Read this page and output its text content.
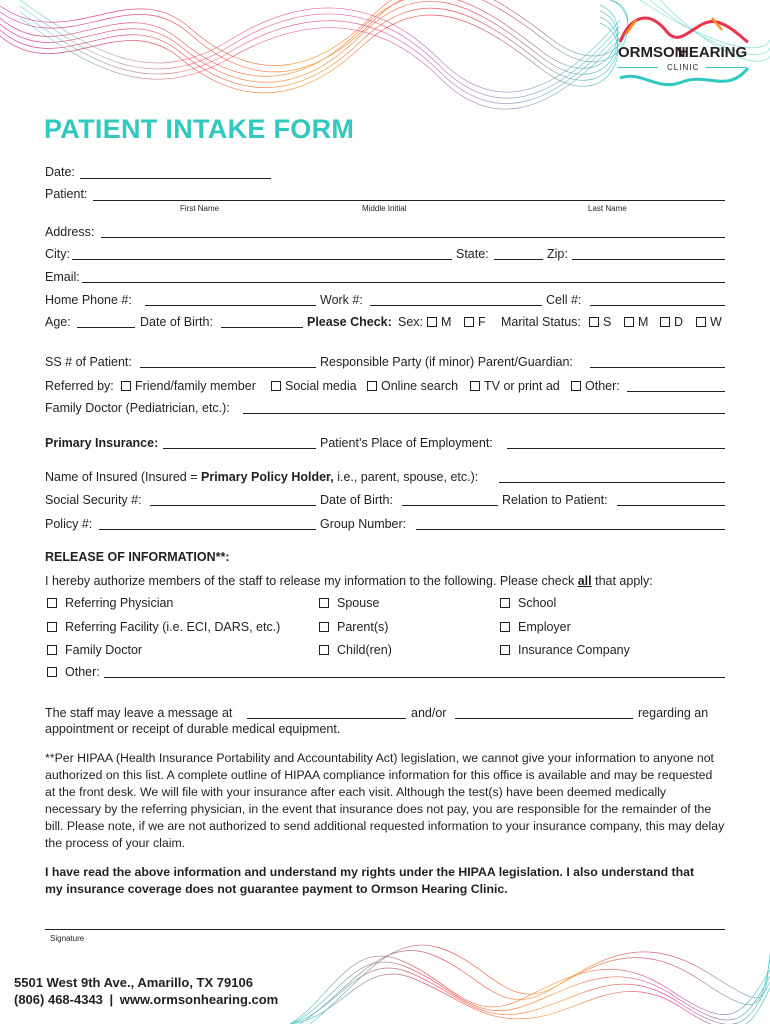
ORMSON
HEARING
CLINIC
PATIENT INTAKE FORM
Date:
Patient:
First Name	Middle Initial	Last Name
Address:
City:	State:	Zip:
Email:
Home Phone #:	Work #:	Cell #:
Age:	Date of Birth:	Please Check: Sex:	M	F Marital Status:	S	M	D	W
SS # of Patient:	Responsible Party (if minor) Parent/Guardian:
Referred by:	Friend/family member	Social media	Online search	TV or print ad	Other:
Family Doctor (Pediatrician, etc.):
Primary Insurance:	Patient’s Place of Employment:
Name of Insured (Insured = Primary Policy Holder, i.e., parent, spouse, etc.):
Social Security #:	Date of Birth:	Relation to Patient:
Policy #:	Group Number:
RELEASE OF INFORMATION**:
I hereby authorize members of the staff to release my information to the following. Please check all that apply:
Referring Physician	Spouse	School
Referring Facility (i.e. ECI, DARS, etc.)	Parent(s)	Employer
Family Doctor	Child(ren)	Insurance Company
Other:
The staff may leave a message at	and/or	regarding an
appointment or receipt of durable medical equipment.
**Per HIPAA (Health Insurance Portability and Accountability Act) legislation, we cannot give your information to anyone not authorized on this list. A complete outline of HIPAA compliance information for this office is available and may be requested at the front desk. We will file with your insurance after each visit. Although the test(s) have been deemed medically necessary by the referring physician, in the event that insurance does not pay, you are responsible for the remainder of the bill. Please note, if we are not authorized to send additional requested information to your insurance company, this may delay the process of your claim.
I have read the above information and understand my rights under the HIPAA legislation. I also understand that my insurance coverage does not guarantee payment to Ormson Hearing Clinic.
Signature
5501 West 9th Ave., Amarillo, TX 79106
(806) 468-4343 | www.ormsonhearing.com
